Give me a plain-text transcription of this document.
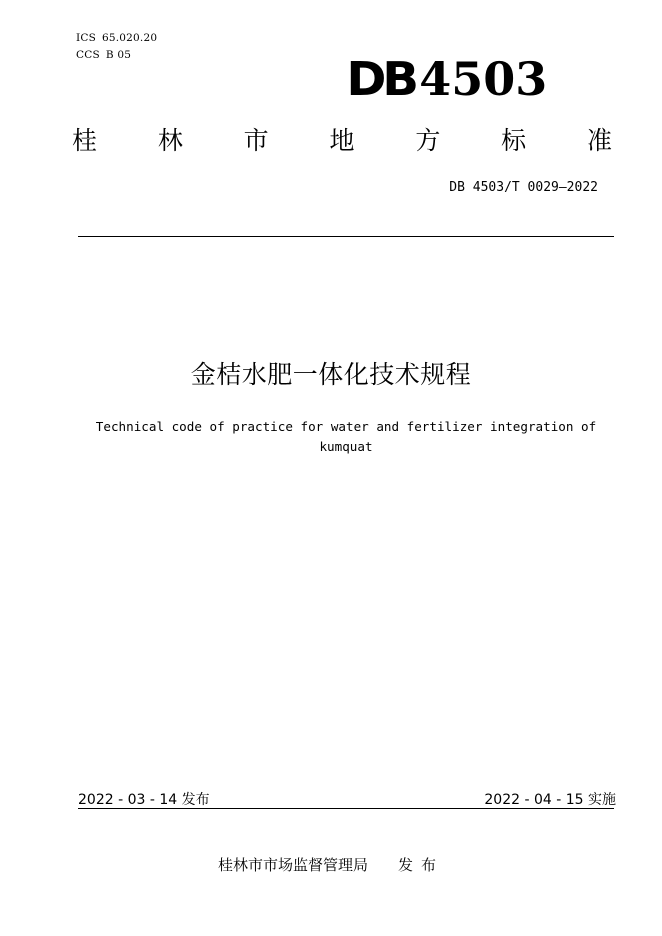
ICS 65.020.20
CCS B 05	DB4503
桂 林 市 地 方 标 准
DB 4503/T 0029—2022
金桔水肥一体化技术规程
Technical code of practice for water and fertilizer integration of kumquat
2022 - 03 - 14 发布	2022 - 04 - 15 实施
桂林市市场监督管理局 发布
